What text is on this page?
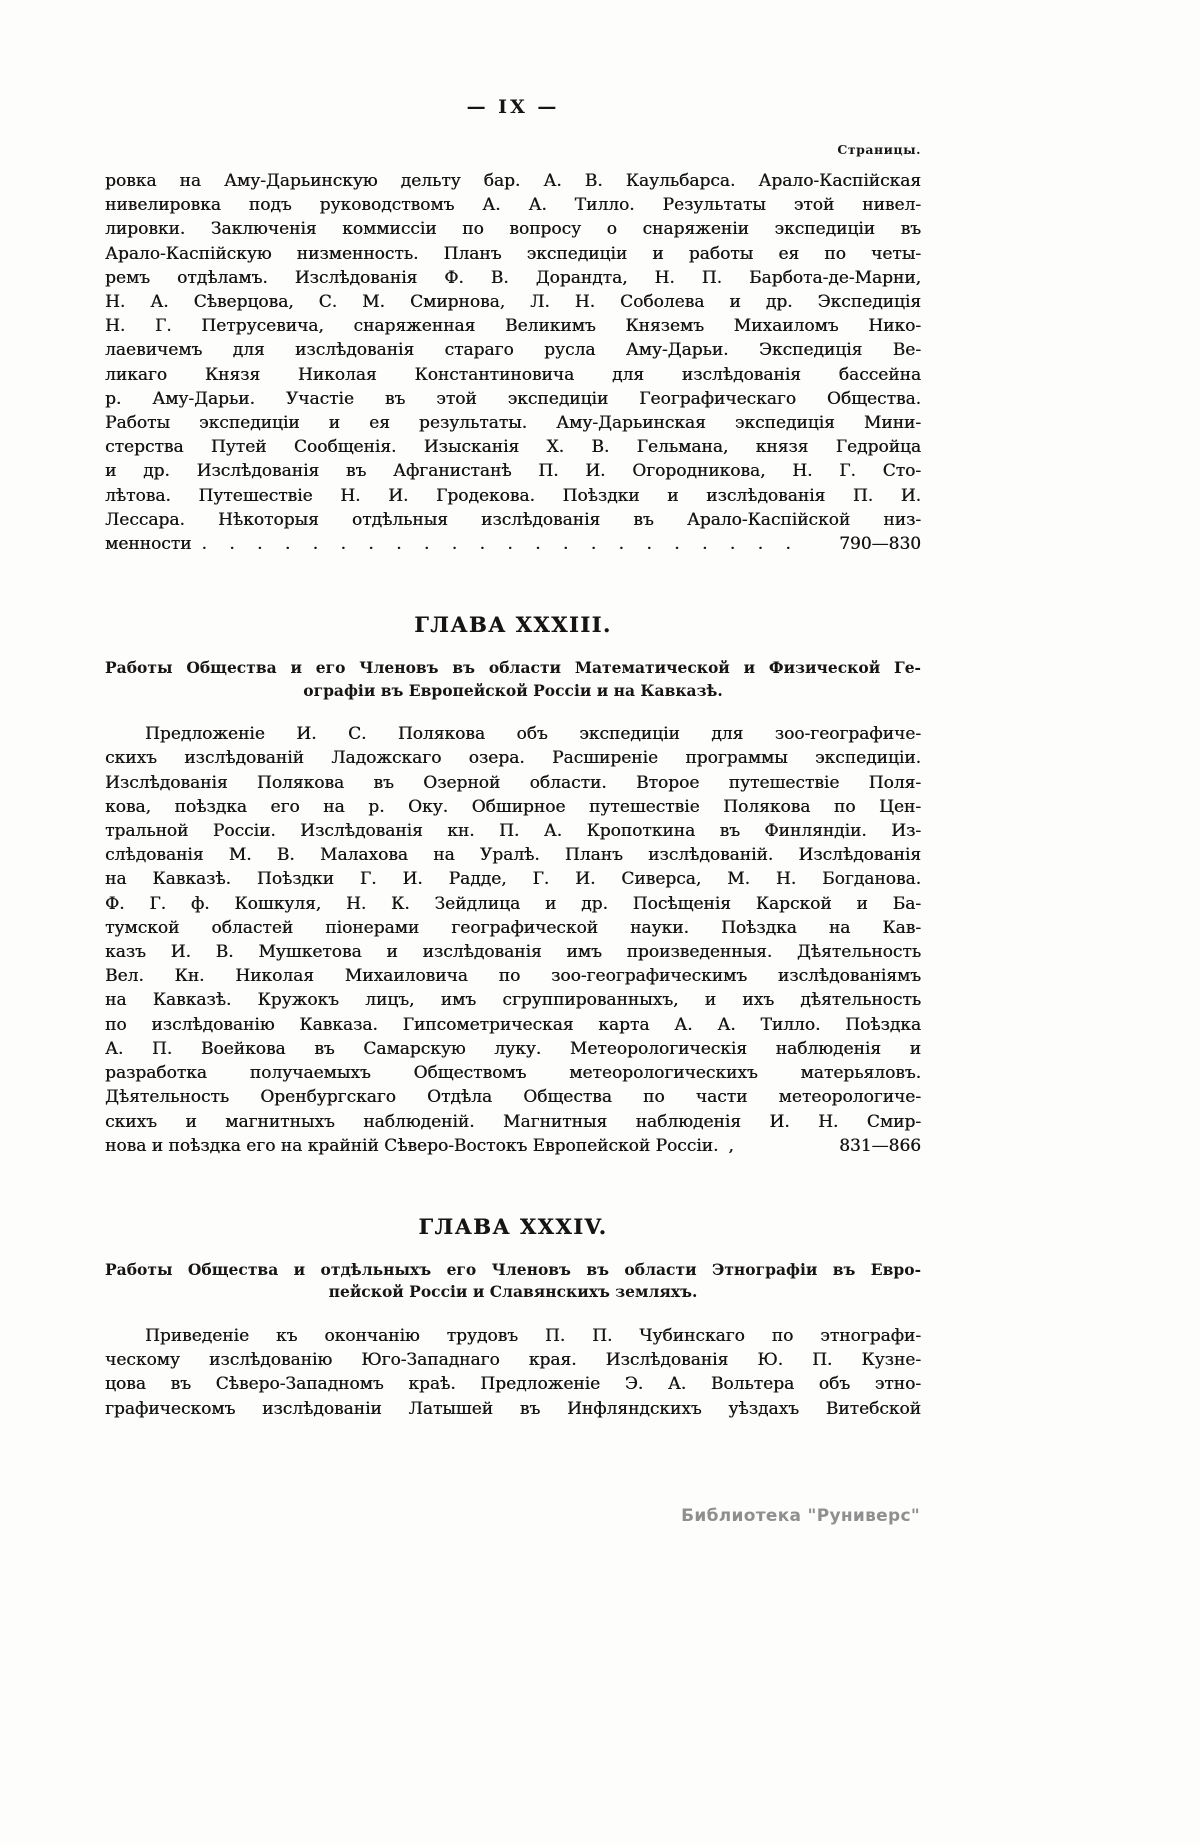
— IX —
Страницы.
ровка на Аму-Дарьинскую дельту бар. А. В. Каульбарса. Арало-Каспійская
нивелировка подъ руководствомъ А. А. Тилло. Результаты этой нивел-
лировки. Заключенія коммиссіи по вопросу о снаряженіи экспедиціи въ
Арало-Каспійскую низменность. Планъ экспедиціи и работы ея по четы-
ремъ отдѣламъ. Изслѣдованія Ф. В. Дорандта, Н. П. Барбота-де-Марни,
Н. А. Сѣверцова, С. М. Смирнова, Л. Н. Соболева и др. Экспедиція
Н. Г. Петрусевича, снаряженная Великимъ Княземъ Михаиломъ Нико-
лаевичемъ для изслѣдованія стараго русла Аму-Дарьи. Экспедиція Ве-
ликаго Князя Николая Константиновича для изслѣдованія бассейна
р. Аму-Дарьи. Участіе въ этой экспедиціи Географическаго Общества.
Работы экспедиціи и ея результаты. Аму-Дарьинская экспедиція Мини-
стерства Путей Сообщенія. Изысканія Х. В. Гельмана, князя Гедройца
и др. Изслѣдованія въ Афганистанѣ П. И. Огородникова, Н. Г. Сто-
лѣтова. Путешествіе Н. И. Гродекова. Поѣздки и изслѣдованія П. И.
Лессара. Нѣкоторыя отдѣльныя изслѣдованія въ Арало-Каспійской низ-
менности . . . . . . . . . . . . . . . . . . . . . .	790—830
ГЛАВА XXXIII.
Работы Общества и его Членовъ въ области Математической и Физической Ге-
ографіи въ Европейской Россіи и на Кавказѣ.
Предложеніе И. С. Полякова объ экспедиціи для зоо-географиче-
скихъ изслѣдованій Ладожскаго озера. Расширеніе программы экспедиціи.
Изслѣдованія Полякова въ Озерной области. Второе путешествіе Поля-
кова, поѣздка его на р. Оку. Обширное путешествіе Полякова по Цен-
тральной Россіи. Изслѣдованія кн. П. А. Кропоткина въ Финляндіи. Из-
слѣдованія М. В. Малахова на Уралѣ. Планъ изслѣдованій. Изслѣдованія
на Кавказѣ. Поѣздки Г. И. Радде, Г. И. Сиверса, М. Н. Богданова.
Ф. Г. ф. Кошкуля, Н. К. Зейдлица и др. Посѣщенія Карской и Ба-
тумской областей піонерами географической науки. Поѣздка на Кав-
казъ И. В. Мушкетова и изслѣдованія имъ произведенныя. Дѣятельность
Вел. Кн. Николая Михаиловича по зоо-географическимъ изслѣдованіямъ
на Кавказѣ. Кружокъ лицъ, имъ сгруппированныхъ, и ихъ дѣятельность
по изслѣдованію Кавказа. Гипсометрическая карта А. А. Тилло. Поѣздка
А. П. Воейкова въ Самарскую луку. Метеорологическія наблюденія и
разработка получаемыхъ Обществомъ метеорологическихъ матерьяловъ.
Дѣятельность Оренбургскаго Отдѣла Общества по части метеорологиче-
скихъ и магнитныхъ наблюденій. Магнитныя наблюденія И. Н. Смир-
нова и поѣздка его на крайній Сѣверо-Востокъ Европейской Россіи. ,	831—866
ГЛАВА XXXIV.
Работы Общества и отдѣльныхъ его Членовъ въ области Этнографіи въ Евро-
пейской Россіи и Славянскихъ земляхъ.
Приведеніе къ окончанію трудовъ П. П. Чубинскаго по этнографи-
ческому изслѣдованію Юго-Западнаго края. Изслѣдованія Ю. П. Кузне-
цова въ Сѣверо-Западномъ краѣ. Предложеніе Э. А. Вольтера объ этно-
графическомъ изслѣдованіи Латышей въ Инфляндскихъ уѣздахъ Витебской
Библиотека "Руниверс"
